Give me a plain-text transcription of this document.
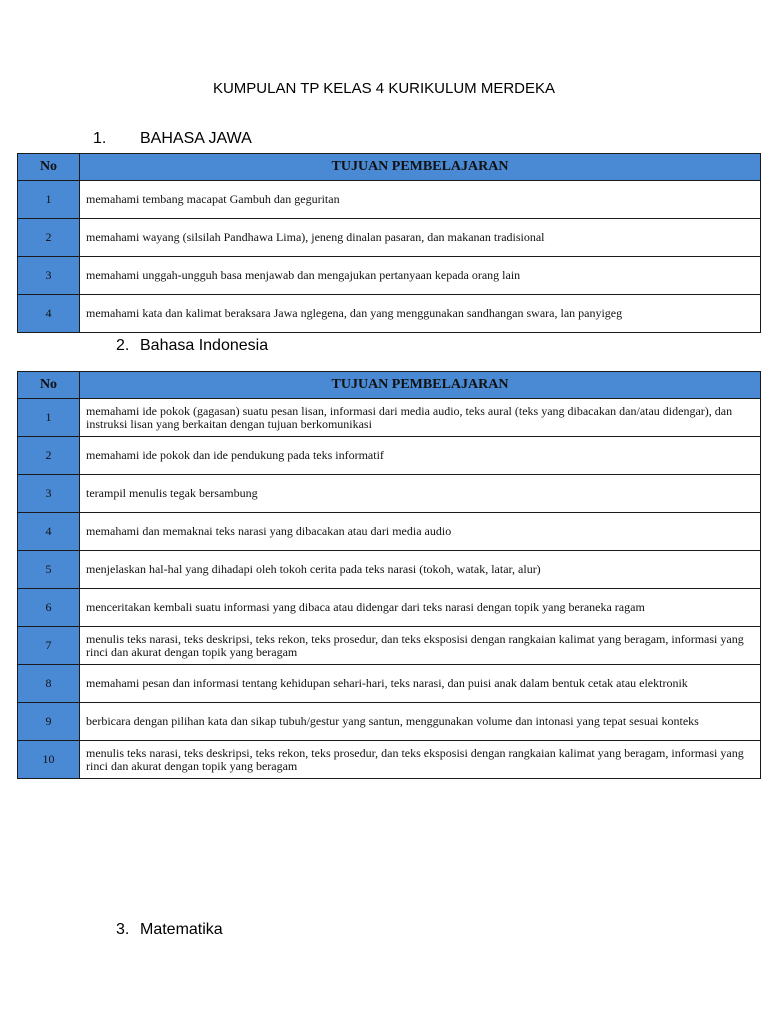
KUMPULAN TP KELAS 4 KURIKULUM MERDEKA
1. BAHASA JAWA
No	TUJUAN PEMBELAJARAN
1	memahami tembang macapat Gambuh dan geguritan
2	memahami wayang (silsilah Pandhawa Lima), jeneng dinalan pasaran, dan makanan tradisional
3	memahami unggah-ungguh basa menjawab dan mengajukan pertanyaan kepada orang lain
4	memahami kata dan kalimat beraksara Jawa nglegena, dan yang menggunakan sandhangan swara, lan panyigeg
2. Bahasa Indonesia
No	TUJUAN PEMBELAJARAN
1	memahami ide pokok (gagasan) suatu pesan lisan, informasi dari media audio, teks aural (teks yang dibacakan dan/atau didengar), dan instruksi lisan yang berkaitan dengan tujuan berkomunikasi
2	memahami ide pokok dan ide pendukung pada teks informatif
3	terampil menulis tegak bersambung
4	memahami dan memaknai teks narasi yang dibacakan atau dari media audio
5	menjelaskan hal-hal yang dihadapi oleh tokoh cerita pada teks narasi (tokoh, watak, latar, alur)
6	menceritakan kembali suatu informasi yang dibaca atau didengar dari teks narasi dengan topik yang beraneka ragam
7	menulis teks narasi, teks deskripsi, teks rekon, teks prosedur, dan teks eksposisi dengan rangkaian kalimat yang beragam, informasi yang rinci dan akurat dengan topik yang beragam
8	memahami pesan dan informasi tentang kehidupan sehari-hari, teks narasi, dan puisi anak dalam bentuk cetak atau elektronik
9	berbicara dengan pilihan kata dan sikap tubuh/gestur yang santun, menggunakan volume dan intonasi yang tepat sesuai konteks
10	menulis teks narasi, teks deskripsi, teks rekon, teks prosedur, dan teks eksposisi dengan rangkaian kalimat yang beragam, informasi yang rinci dan akurat dengan topik yang beragam
3. Matematika
